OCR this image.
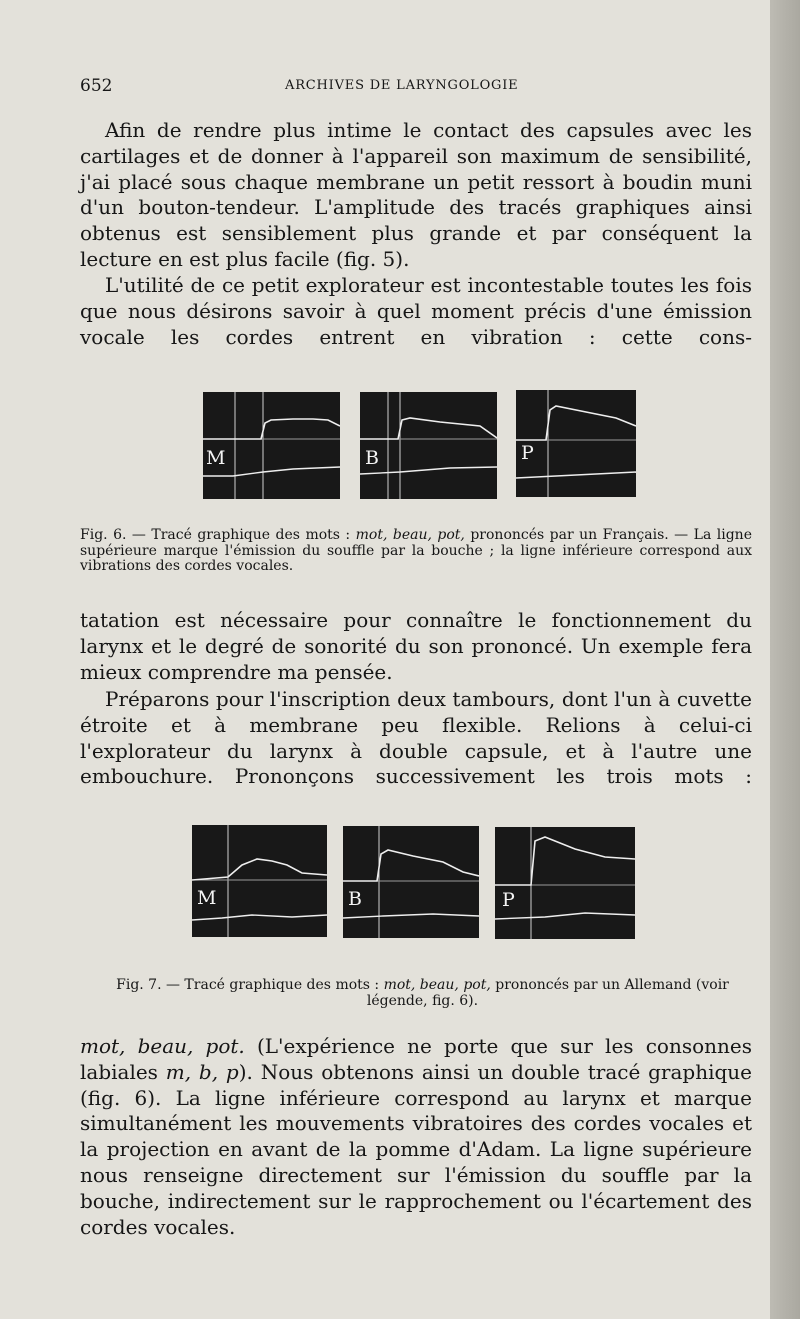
652	ARCHIVES DE LARYNGOLOGIE

Afin de rendre plus intime le contact des capsules avec les cartilages et de donner à l'appareil son maximum de sensibilité, j'ai placé sous chaque membrane un petit ressort à boudin muni d'un bouton-tendeur. L'amplitude des tracés graphiques ainsi obtenus est sensiblement plus grande et par conséquent la lecture en est plus facile (fig. 5).

L'utilité de ce petit explorateur est incontestable toutes les fois que nous désirons savoir à quel moment précis d'une émission vocale les cordes entrent en vibration : cette cons-

M	B	P

Fig. 6. — Tracé graphique des mots : mot, beau, pot, prononcés par un Français. — La ligne supérieure marque l'émission du souffle par la bouche ; la ligne inférieure correspond aux vibrations des cordes vocales.

tatation est nécessaire pour connaître le fonctionnement du larynx et le degré de sonorité du son prononcé. Un exemple fera mieux comprendre ma pensée.

Préparons pour l'inscription deux tambours, dont l'un à cuvette étroite et à membrane peu flexible. Relions à celui-ci l'explorateur du larynx à double capsule, et à l'autre une embouchure. Prononçons successivement les trois mots :

M	B	P

Fig. 7. — Tracé graphique des mots : mot, beau, pot, prononcés par un Allemand (voir légende, fig. 6).

mot, beau, pot. (L'expérience ne porte que sur les consonnes labiales m, b, p). Nous obtenons ainsi un double tracé graphique (fig. 6). La ligne inférieure correspond au larynx et marque simultanément les mouvements vibratoires des cordes vocales et la projection en avant de la pomme d'Adam. La ligne supérieure nous renseigne directement sur l'émission du souffle par la bouche, indirectement sur le rapprochement ou l'écartement des cordes vocales.
